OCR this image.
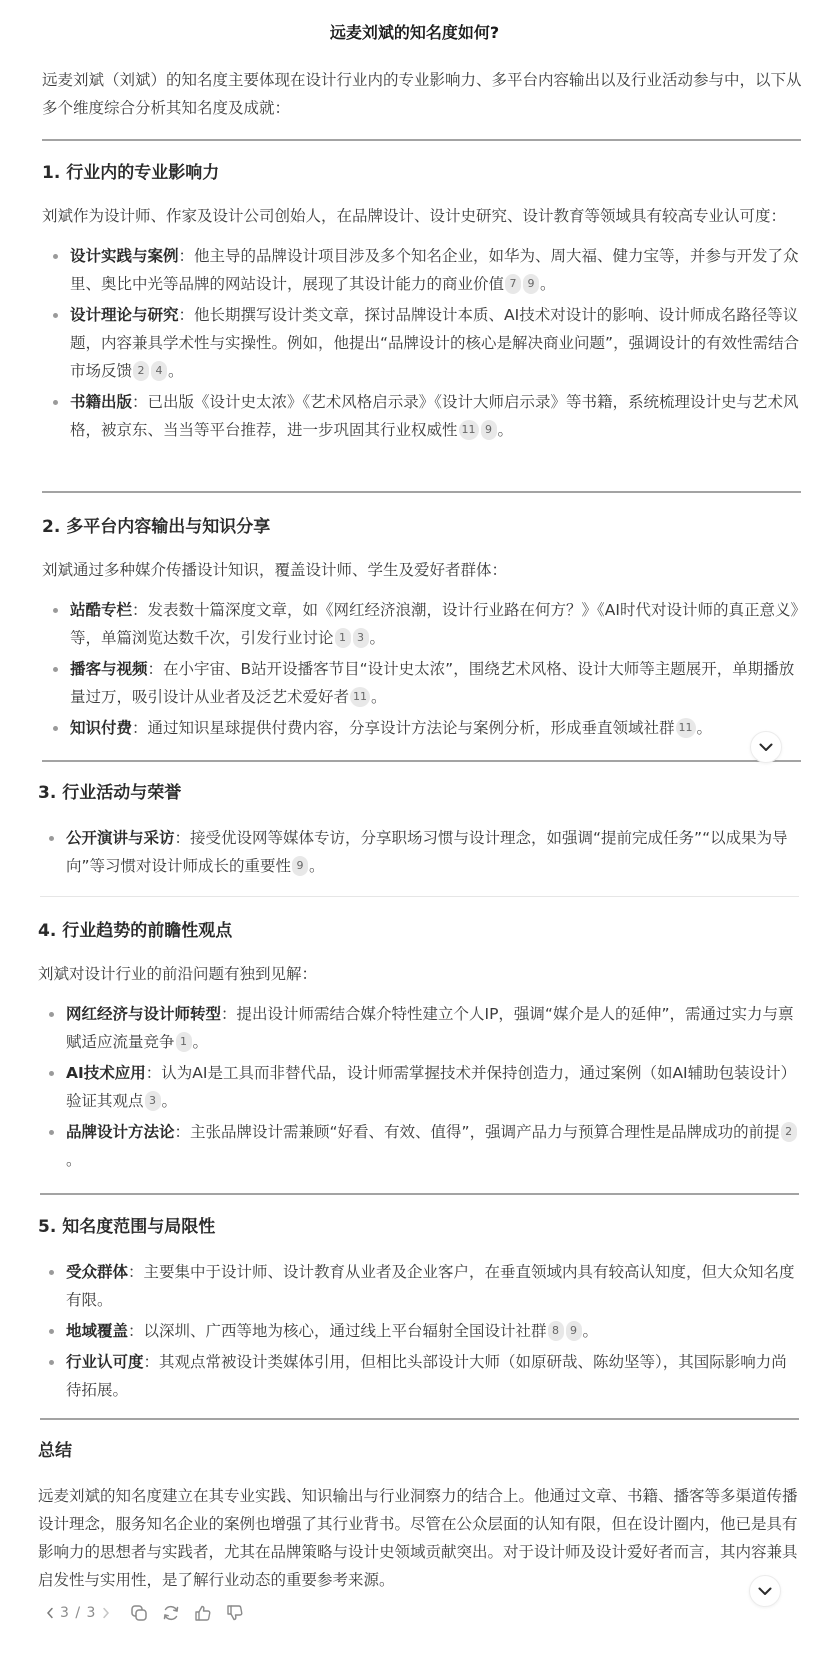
远麦刘斌的知名度如何?

远麦刘斌（刘斌）的知名度主要体现在设计行业内的专业影响力、多平台内容输出以及行业活动参与中，以下从多个维度综合分析其知名度及成就：

1. 行业内的专业影响力

刘斌作为设计师、作家及设计公司创始人，在品牌设计、设计史研究、设计教育等领域具有较高专业认可度：

设计实践与案例：他主导的品牌设计项目涉及多个知名企业，如华为、周大福、健力宝等，并参与开发了众里、奥比中光等品牌的网站设计，展现了其设计能力的商业价值 7 9 。
设计理论与研究：他长期撰写设计类文章，探讨品牌设计本质、AI技术对设计的影响、设计师成名路径等议题，内容兼具学术性与实操性。例如，他提出“品牌设计的核心是解决商业问题”，强调设计的有效性需结合市场反馈 2 4 。
书籍出版：已出版《设计史太浓》《艺术风格启示录》《设计大师启示录》等书籍，系统梳理设计史与艺术风格，被京东、当当等平台推荐，进一步巩固其行业权威性 11 9 。
2. 多平台内容输出与知识分享

刘斌通过多种媒介传播设计知识，覆盖设计师、学生及爱好者群体：

站酷专栏：发表数十篇深度文章，如《网红经济浪潮，设计行业路在何方？》《AI时代对设计师的真正意义》等，单篇浏览达数千次，引发行业讨论 1 3 。
播客与视频：在小宇宙、B站开设播客节目“设计史太浓”，围绕艺术风格、设计大师等主题展开，单期播放量过万，吸引设计从业者及泛艺术爱好者 11 。
知识付费：通过知识星球提供付费内容，分享设计方法论与案例分析，形成垂直领域社群 11 。
3. 行业活动与荣誉
公开演讲与采访：接受优设网等媒体专访，分享职场习惯与设计理念，如强调“提前完成任务”“以成果为导向”等习惯对设计师成长的重要性 9 。
4. 行业趋势的前瞻性观点

刘斌对设计行业的前沿问题有独到见解：

网红经济与设计师转型：提出设计师需结合媒介特性建立个人IP，强调“媒介是人的延伸”，需通过实力与禀赋适应流量竞争 1 。
AI技术应用：认为AI是工具而非替代品，设计师需掌握技术并保持创造力，通过案例（如AI辅助包装设计）验证其观点 3 。
品牌设计方法论：主张品牌设计需兼顾“好看、有效、值得”，强调产品力与预算合理性是品牌成功的前提 2。
5. 知名度范围与局限性
受众群体：主要集中于设计师、设计教育从业者及企业客户，在垂直领域内具有较高认知度，但大众知名度有限。
地域覆盖：以深圳、广西等地为核心，通过线上平台辐射全国设计社群 8 9 。
行业认可度：其观点常被设计类媒体引用，但相比头部设计大师（如原研哉、陈幼坚等），其国际影响力尚待拓展。
总结

远麦刘斌的知名度建立在其专业实践、知识输出与行业洞察力的结合上。他通过文章、书籍、播客等多渠道传播设计理念，服务知名企业的案例也增强了其行业背书。尽管在公众层面的认知有限，但在设计圈内，他已是具有影响力的思想者与实践者，尤其在品牌策略与设计史领域贡献突出。对于设计师及设计爱好者而言，其内容兼具启发性与实用性，是了解行业动态的重要参考来源。

3 / 3
